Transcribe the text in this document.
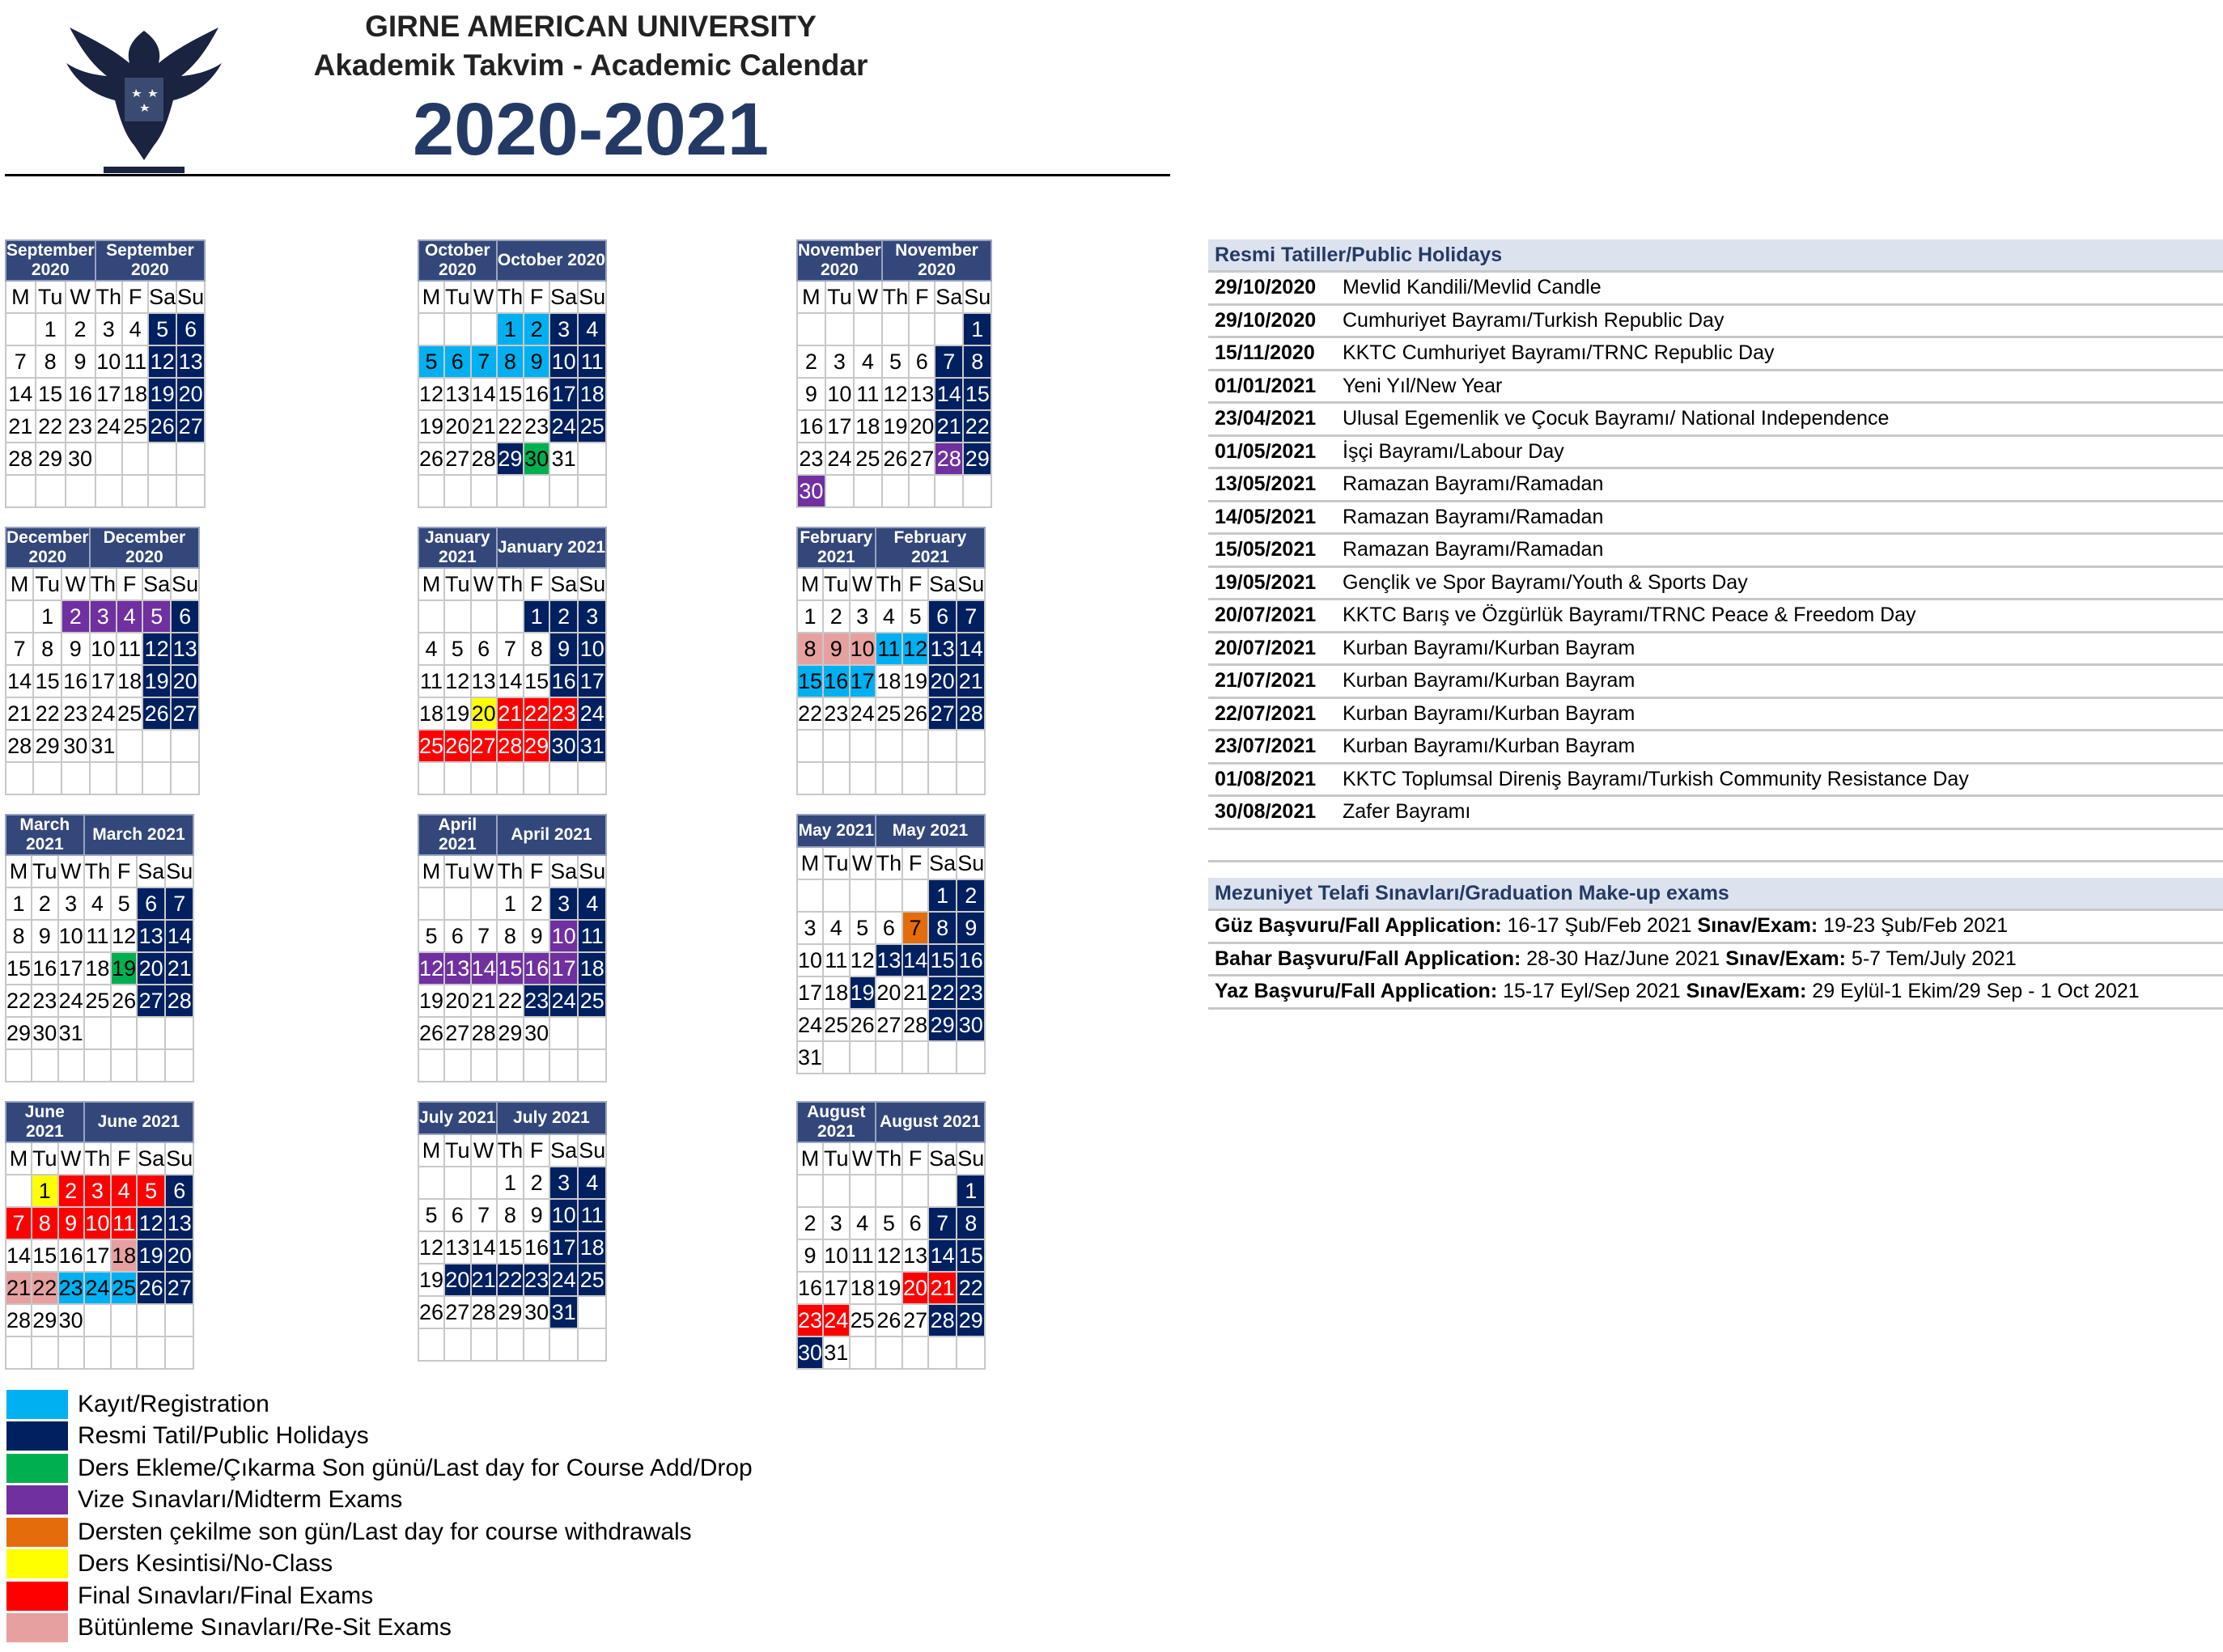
GIRNE AMERICAN UNIVERSITY
Akademik Takvim - Academic Calendar
2020-2021
September 2020			September 2020			
M	Tu	W	Th	F	Sa	Su
	1	2	3	4	5	6
7	8	9	10	11	12	13
14	15	16	17	18	19	20
21	22	23	24	25	26	27
28	29	30				

October 2020			October 2020			
M	Tu	W	Th	F	Sa	Su
			1	2	3	4
5	6	7	8	9	10	11
12	13	14	15	16	17	18
19	20	21	22	23	24	25
26	27	28	29	30	31	

November 2020			November 2020			
M	Tu	W	Th	F	Sa	Su
						1
2	3	4	5	6	7	8
9	10	11	12	13	14	15
16	17	18	19	20	21	22
23	24	25	26	27	28	29
30						
December 2020			December 2020			
M	Tu	W	Th	F	Sa	Su
	1	2	3	4	5	6
7	8	9	10	11	12	13
14	15	16	17	18	19	20
21	22	23	24	25	26	27
28	29	30	31			

January 2021			January 2021			
M	Tu	W	Th	F	Sa	Su
				1	2	3
4	5	6	7	8	9	10
11	12	13	14	15	16	17
18	19	20	21	22	23	24
25	26	27	28	29	30	31

February 2021			February 2021			
M	Tu	W	Th	F	Sa	Su
1	2	3	4	5	6	7
8	9	10	11	12	13	14
15	16	17	18	19	20	21
22	23	24	25	26	27	28

March 2021			March 2021			
M	Tu	W	Th	F	Sa	Su
1	2	3	4	5	6	7
8	9	10	11	12	13	14
15	16	17	18	19	20	21
22	23	24	25	26	27	28
29	30	31				

April 2021			April 2021			
M	Tu	W	Th	F	Sa	Su
			1	2	3	4
5	6	7	8	9	10	11
12	13	14	15	16	17	18
19	20	21	22	23	24	25
26	27	28	29	30		

May 2021			May 2021			
M	Tu	W	Th	F	Sa	Su
					1	2
3	4	5	6	7	8	9
10	11	12	13	14	15	16
17	18	19	20	21	22	23
24	25	26	27	28	29	30
31						
June 2021			June 2021			
M	Tu	W	Th	F	Sa	Su
	1	2	3	4	5	6
7	8	9	10	11	12	13
14	15	16	17	18	19	20
21	22	23	24	25	26	27
28	29	30				

July 2021			July 2021			
M	Tu	W	Th	F	Sa	Su
			1	2	3	4
5	6	7	8	9	10	11
12	13	14	15	16	17	18
19	20	21	22	23	24	25
26	27	28	29	30	31	

August 2021			August 2021			
M	Tu	W	Th	F	Sa	Su
						1
2	3	4	5	6	7	8
9	10	11	12	13	14	15
16	17	18	19	20	21	22
23	24	25	26	27	28	29
30	31					
Resmi Tatiller/Public Holidays
29/10/2020 Mevlid Kandili/Mevlid Candle
29/10/2020 Cumhuriyet Bayramı/Turkish Republic Day
15/11/2020 KKTC Cumhuriyet Bayramı/TRNC Republic Day
01/01/2021 Yeni Yıl/New Year
23/04/2021 Ulusal Egemenlik ve Çocuk Bayramı/ National Independence
01/05/2021 İşçi Bayramı/Labour Day
13/05/2021 Ramazan Bayramı/Ramadan
14/05/2021 Ramazan Bayramı/Ramadan
15/05/2021 Ramazan Bayramı/Ramadan
19/05/2021 Gençlik ve Spor Bayramı/Youth & Sports Day
20/07/2021 KKTC Barış ve Özgürlük Bayramı/TRNC Peace & Freedom Day
20/07/2021 Kurban Bayramı/Kurban Bayram
21/07/2021 Kurban Bayramı/Kurban Bayram
22/07/2021 Kurban Bayramı/Kurban Bayram
23/07/2021 Kurban Bayramı/Kurban Bayram
01/08/2021 KKTC Toplumsal Direniş Bayramı/Turkish Community Resistance Day
30/08/2021 Zafer Bayramı
Mezuniyet Telafi Sınavları/Graduation Make-up exams
Güz Başvuru/Fall Application: 16-17 Şub/Feb 2021 Sınav/Exam: 19-23 Şub/Feb 2021
Bahar Başvuru/Fall Application: 28-30 Haz/June 2021 Sınav/Exam: 5-7 Tem/July 2021
Yaz Başvuru/Fall Application: 15-17 Eyl/Sep 2021 Sınav/Exam: 29 Eylül-1 Ekim/29 Sep - 1 Oct 2021
Kayıt/Registration
Resmi Tatil/Public Holidays
Ders Ekleme/Çıkarma Son günü/Last day for Course Add/Drop
Vize Sınavları/Midterm Exams
Dersten çekilme son gün/Last day for course withdrawals
Ders Kesintisi/No-Class
Final Sınavları/Final Exams
Bütünleme Sınavları/Re-Sit Exams
